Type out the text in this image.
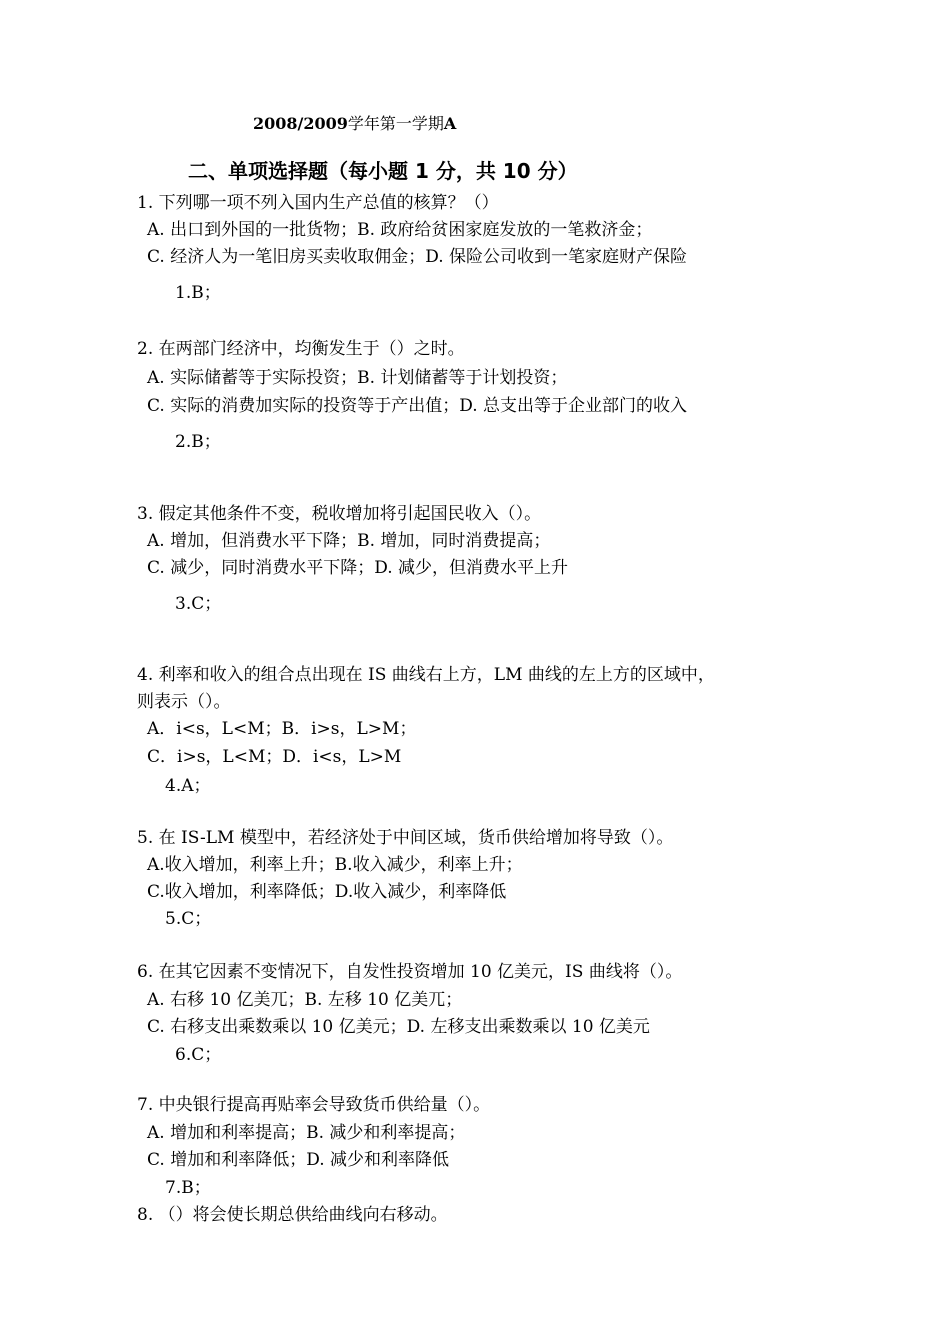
2008/2009学年第一学期A
二、单项选择题（每小题 1 分，共 10 分）
1. 下列哪一项不列入国内生产总值的核算？（）
A. 出口到外国的一批货物；B. 政府给贫困家庭发放的一笔救济金；
C. 经济人为一笔旧房买卖收取佣金；D. 保险公司收到一笔家庭财产保险
1.B；
2. 在两部门经济中，均衡发生于（）之时。
A. 实际储蓄等于实际投资；B. 计划储蓄等于计划投资；
C. 实际的消费加实际的投资等于产出值；D. 总支出等于企业部门的收入
2.B；
3. 假定其他条件不变，税收增加将引起国民收入（）。
A. 增加，但消费水平下降；B. 增加，同时消费提高；
C. 减少，同时消费水平下降；D. 减少，但消费水平上升
3.C；
4. 利率和收入的组合点出现在 IS 曲线右上方，LM 曲线的左上方的区域中，
则表示（）。
A．i<s，L<M；B．i>s，L>M；
C．i>s，L<M；D．i<s，L>M
4.A；
5. 在 IS-LM 模型中，若经济处于中间区域，货币供给增加将导致（）。
A.收入增加，利率上升；B.收入减少，利率上升；
C.收入增加，利率降低；D.收入减少，利率降低
5.C；
6. 在其它因素不变情况下，自发性投资增加 10 亿美元，IS 曲线将（）。
A. 右移 10 亿美兀；B. 左移 10 亿美兀；
C. 右移支出乘数乘以 10 亿美元；D. 左移支出乘数乘以 10 亿美元
6.C；
7. 中央银行提高再贴率会导致货币供给量（）。
A. 增加和利率提高；B. 减少和利率提高；
C. 增加和利率降低；D. 减少和利率降低
7.B；
8. （）将会使长期总供给曲线向右移动。
